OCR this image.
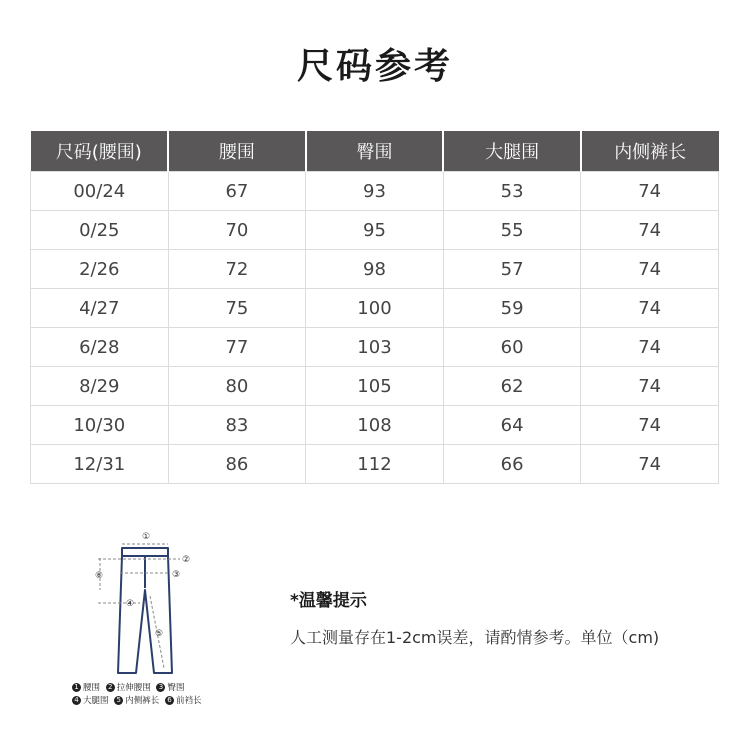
尺码参考
尺码(腰围)	腰围	臀围	大腿围	内侧裤长
00/24	67	93	53	74
0/25	70	95	55	74
2/26	72	98	57	74
4/27	75	100	59	74
6/28	77	103	60	74
8/29	80	105	62	74
10/30	83	108	64	74
12/31	86	112	66	74
①
②
③
④
⑤
⑥
1 腰围 2 拉伸腰围 3 臀围
4 大腿围 5 内侧裤长 6 前裆长
*温馨提示
人工测量存在1-2cm误差，请酌情参考。单位（cm)
